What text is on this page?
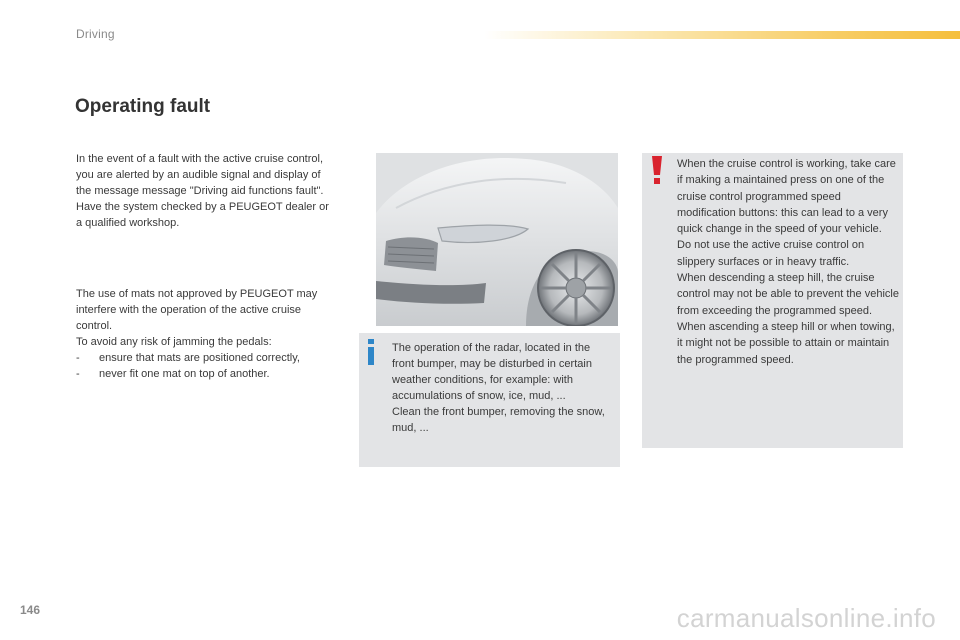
Driving
Operating fault

In the event of a fault with the active cruise control, you are alerted by an audible signal and display of the message message "Driving aid functions fault".

Have the system checked by a PEUGEOT dealer or a qualified workshop.

The use of mats not approved by PEUGEOT may interfere with the operation of the active cruise control.

To avoid any risk of jamming the pedals:

- ensure that mats are positioned correctly,
- never fit one mat on top of another.

The operation of the radar, located in the front bumper, may be disturbed in certain weather conditions, for example: with accumulations of snow, ice, mud, ...

Clean the front bumper, removing the snow, mud, ...

When the cruise control is working, take care if making a maintained press on one of the cruise control programmed speed modification buttons: this can lead to a very quick change in the speed of your vehicle.

Do not use the active cruise control on slippery surfaces or in heavy traffic.

When descending a steep hill, the cruise control may not be able to prevent the vehicle from exceeding the programmed speed.

When ascending a steep hill or when towing, it might not be possible to attain or maintain the programmed speed.

146	carmanualsonline.info
